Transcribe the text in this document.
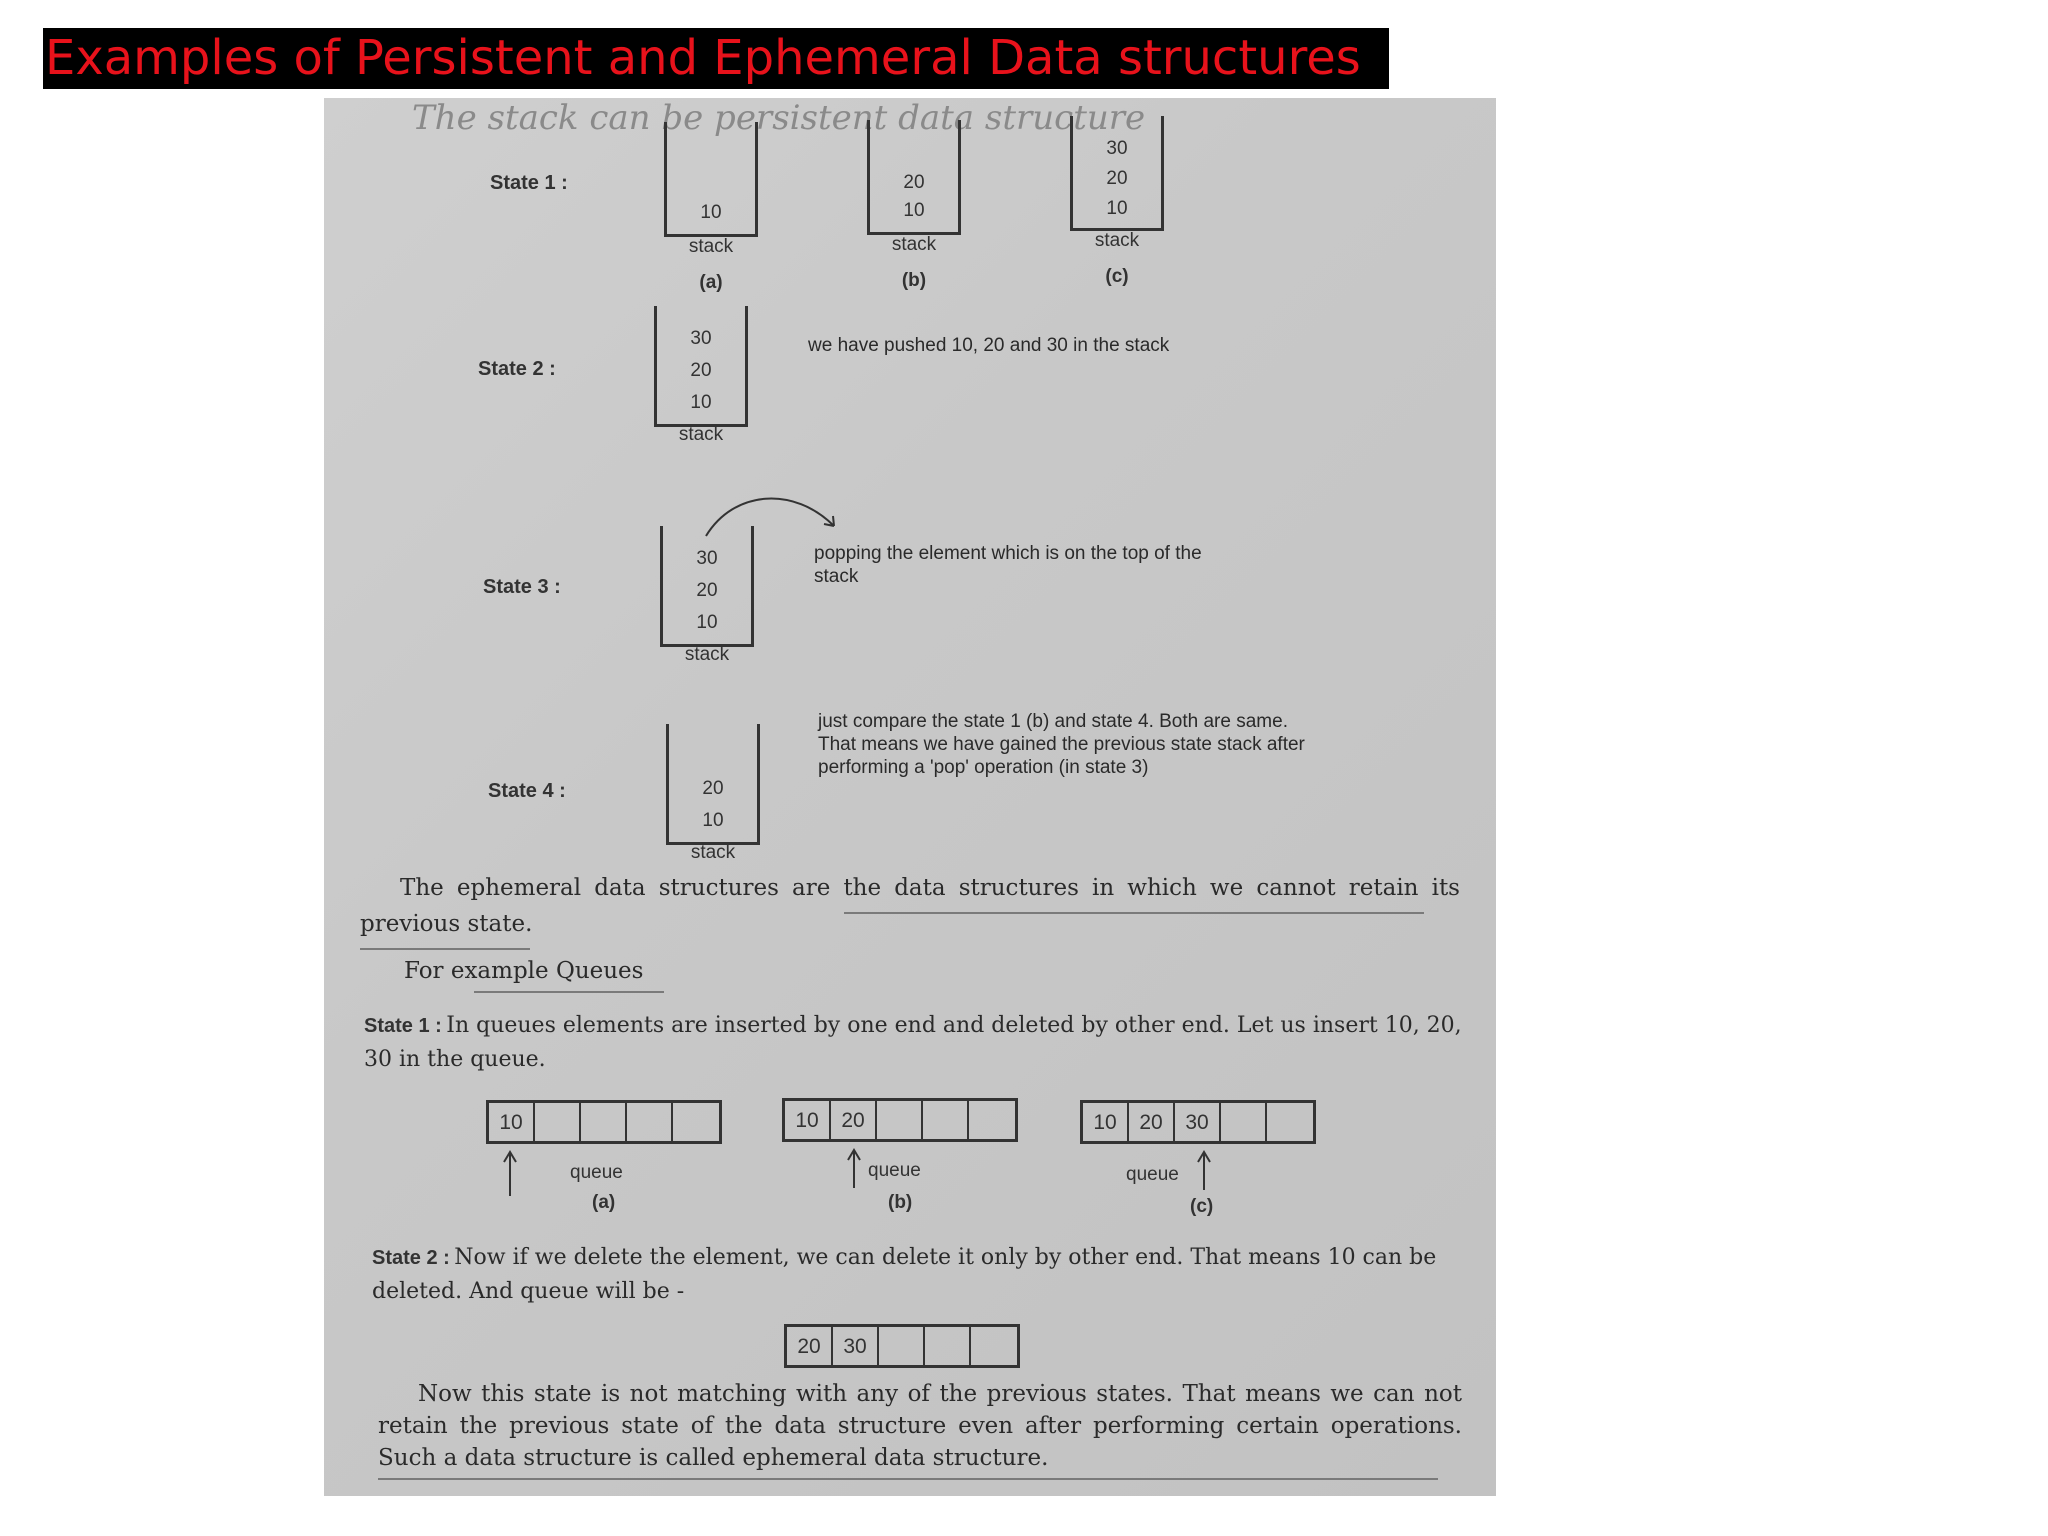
Examples of Persistent and Ephemeral Data structures
The stack can be persistent data structure
State 1 :
10
stack
(a)
20
10
stack
(b)
30
20
10
stack
(c)
State 2 :
30
20
10
stack
we have pushed 10, 20 and 30 in the stack
State 3 :
30
20
10
stack
popping the element which is on the top of the stack
State 4 :	20
10
stack
just compare the state 1 (b) and state 4. Both are same. That means we have gained the previous state stack after performing a 'pop' operation (in state 3)
The ephemeral data structures are the data structures in which we cannot retain its previous state.
For example Queues
State 1 : In queues elements are inserted by one end and deleted by other end. Let us insert 10, 20, 30 in the queue.
10
queue
(a)
10	20
queue
(b)
10	20	30
queue
(c)
State 2 : Now if we delete the element, we can delete it only by other end. That means 10 can be deleted. And queue will be -
20	30
Now this state is not matching with any of the previous states. That means we can not retain the previous state of the data structure even after performing certain operations. Such a data structure is called ephemeral data structure.
